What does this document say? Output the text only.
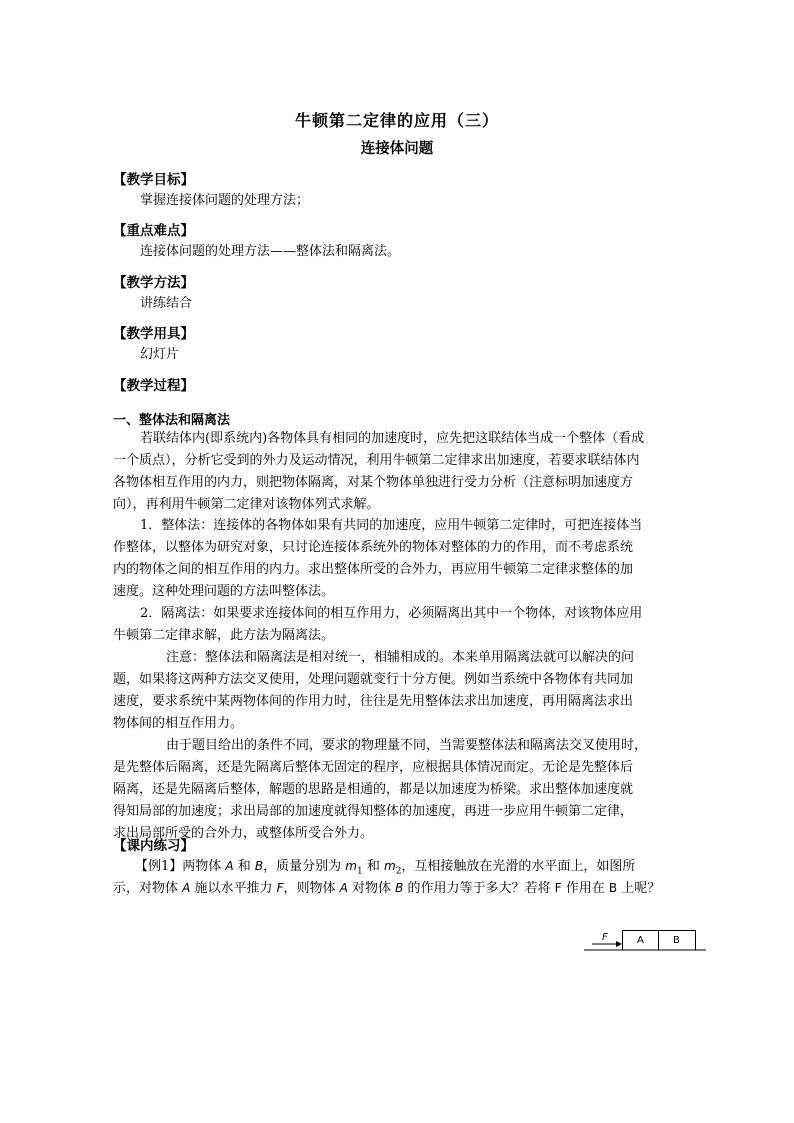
牛顿第二定律的应用（三）
连接体问题
【教学目标】
掌握连接体问题的处理方法；
【重点难点】
连接体问题的处理方法——整体法和隔离法。
【教学方法】
讲练结合
【教学用具】
幻灯片
【教学过程】
一、整体法和隔离法
若联结体内(即系统内)各物体具有相同的加速度时，应先把这联结体当成一个整体（看成
一个质点），分析它受到的外力及运动情况，利用牛顿第二定律求出加速度，若要求联结体内
各物体相互作用的内力，则把物体隔离，对某个物体单独进行受力分析（注意标明加速度方
向），再利用牛顿第二定律对该物体列式求解。
1．整体法：连接体的各物体如果有共同的加速度，应用牛顿第二定律时，可把连接体当
作整体，以整体为研究对象，只讨论连接体系统外的物体对整体的力的作用，而不考虑系统
内的物体之间的相互作用的内力。求出整体所受的合外力，再应用牛顿第二定律求整体的加
速度。这种处理问题的方法叫整体法。
2．隔离法：如果要求连接体间的相互作用力，必须隔离出其中一个物体，对该物体应用
牛顿第二定律求解，此方法为隔离法。
注意：整体法和隔离法是相对统一，相辅相成的。本来单用隔离法就可以解决的问
题，如果将这两种方法交叉使用，处理问题就变行十分方便。例如当系统中各物体有共同加
速度，要求系统中某两物体间的作用力时，往往是先用整体法求出加速度，再用隔离法求出
物体间的相互作用力。
由于题目给出的条件不同，要求的物理量不同，当需要整体法和隔离法交叉使用时，
是先整体后隔离，还是先隔离后整体无固定的程序，应根据具体情况而定。无论是先整体后
隔离，还是先隔离后整体，解题的思路是相通的，都是以加速度为桥梁。求出整体加速度就
得知局部的加速度；求出局部的加速度就得知整体的加速度，再进一步应用牛顿第二定律，
求出局部所受的合外力，或整体所受合外力。
【课内练习】
【例1】两物体 A 和 B，质量分别为 $m_1$ 和 $m_2$，互相接触放在光滑的水平面上，如图所
示，对物体 A 施以水平推力 F，则物体 A 对物体 B 的作用力等于多大？若将 F 作用在 B 上呢？
F	A	B
